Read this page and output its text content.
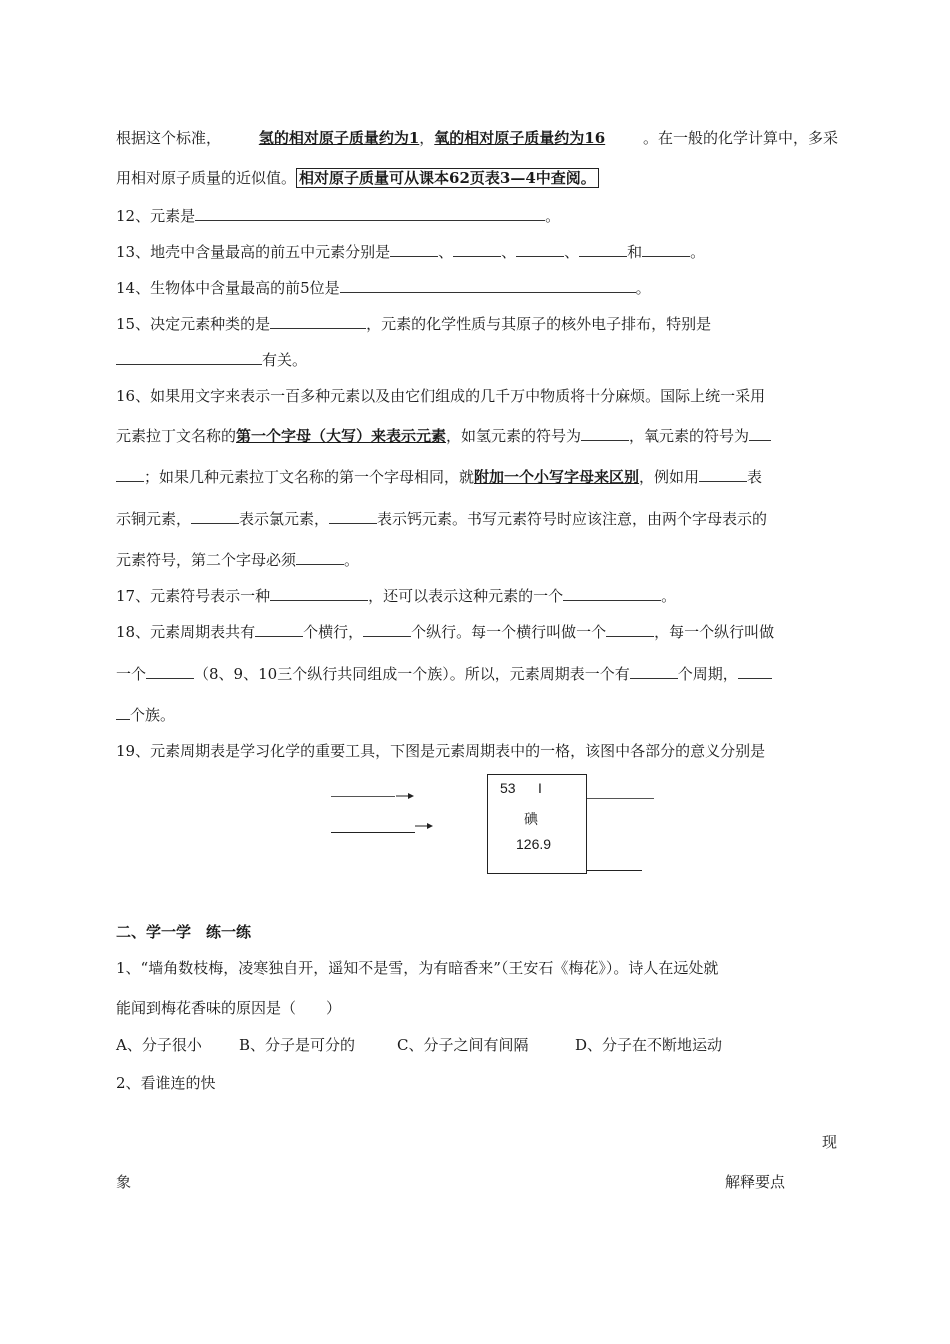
根据这个标准，	氢的相对原子质量约为1，氧的相对原子质量约为16	。在一般的化学计算中，多采
用相对原子质量的近似值。 相对原子质量可从课本62页表3—4中查阅。
12、元素是	。
13、地壳中含量最高的前五中元素分别是	、	、	、	和	。
14、生物体中含量最高的前5位是	。
15、决定元素种类的是	，元素的化学性质与其原子的核外电子排布，特别是
有关。
16、如果用文字来表示一百多种元素以及由它们组成的几千万中物质将十分麻烦。国际上统一采用
元素拉丁文名称的第一个字母（大写）来表示元素，如氢元素的符号为	，氧元素的符号为
；如果几种元素拉丁文名称的第一个字母相同，就附加一个小写字母来区别，例如用	表
示铜元素，	表示氯元素，	表示钙元素。书写元素符号时应该注意，由两个字母表示的
元素符号，第二个字母必须	。
17、元素符号表示一种	，还可以表示这种元素的一个	。
18、元素周期表共有	个横行，	个纵行。每一个横行叫做一个	，每一个纵行叫做
一个	（8、9、10三个纵行共同组成一个族）。所以，元素周期表一个有	个周期，
个族。
19、元素周期表是学习化学的重要工具，下图是元素周期表中的一格，该图中各部分的意义分别是
53 I
碘
126.9
二、学一学　练一练
1、“墙角数枝梅，凌寒独自开，遥知不是雪，为有暗香来”（王安石《梅花》）。诗人在远处就
能闻到梅花香味的原因是（　　）
A、分子很小 B、分子是可分的	C、分子之间有间隔	D、分子在不断地运动
2、看谁连的快
现
象	解释要点
